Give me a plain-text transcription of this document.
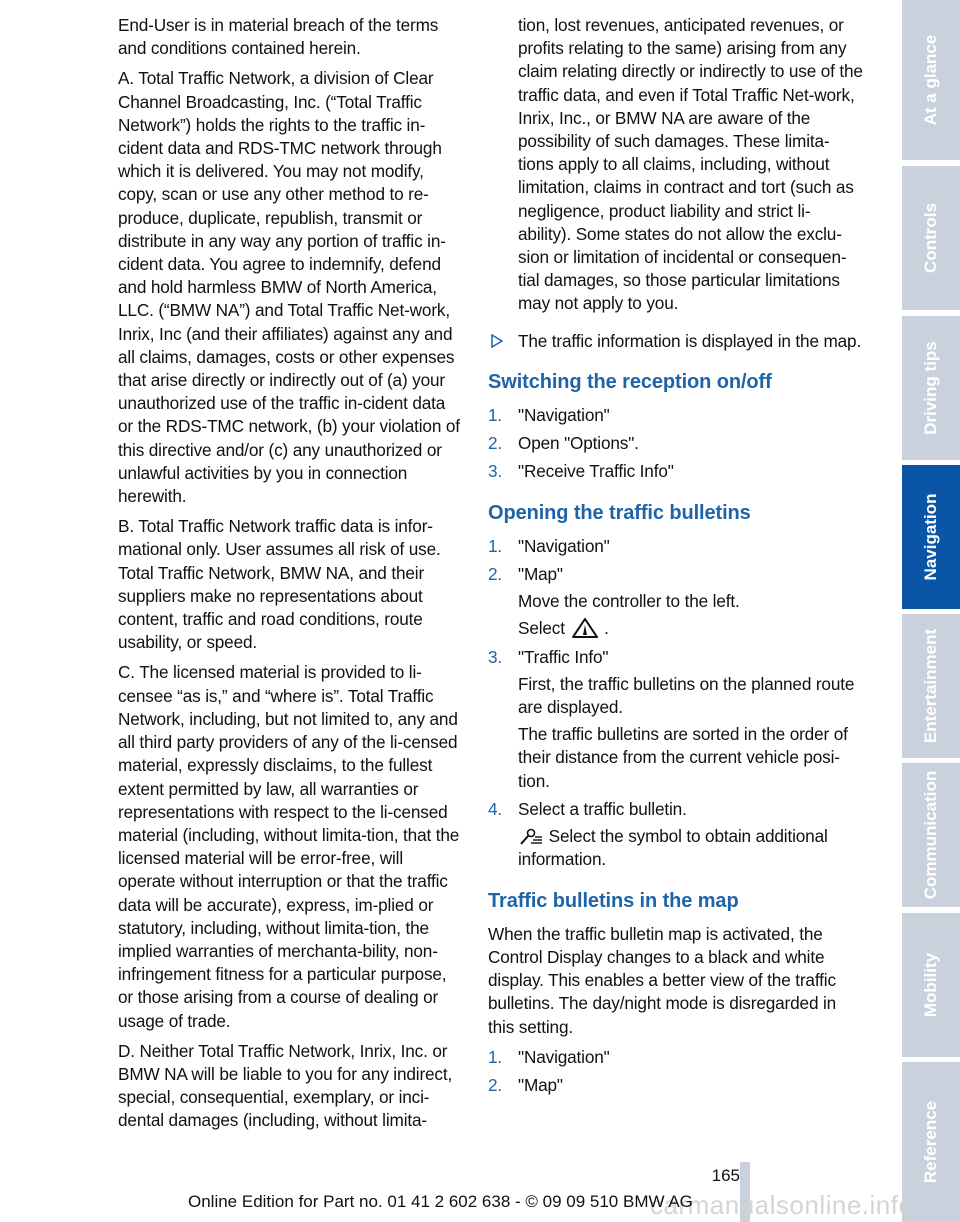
End-User is in material breach of the terms and conditions contained herein.

A. Total Traffic Network, a division of Clear Channel Broadcasting, Inc. (“Total Traffic Network”) holds the rights to the traffic in-cident data and RDS-TMC network through which it is delivered. You may not modify, copy, scan or use any other method to re-produce, duplicate, republish, transmit or distribute in any way any portion of traffic in-cident data. You agree to indemnify, defend and hold harmless BMW of North America, LLC. (“BMW NA”) and Total Traffic Net-work, Inrix, Inc (and their affiliates) against any and all claims, damages, costs or other expenses that arise directly or indirectly out of (a) your unauthorized use of the traffic in-cident data or the RDS-TMC network, (b) your violation of this directive and/or (c) any unauthorized or unlawful activities by you in connection herewith.

B. Total Traffic Network traffic data is infor-mational only. User assumes all risk of use. Total Traffic Network, BMW NA, and their suppliers make no representations about content, traffic and road conditions, route usability, or speed.

C. The licensed material is provided to li-censee “as is,” and “where is”. Total Traffic Network, including, but not limited to, any and all third party providers of any of the li-censed material, expressly disclaims, to the fullest extent permitted by law, all warranties or representations with respect to the li-censed material (including, without limita-tion, that the licensed material will be error-free, will operate without interruption or that the traffic data will be accurate), express, im-plied or statutory, including, without limita-tion, the implied warranties of merchanta-bility, non-infringement fitness for a particular purpose, or those arising from a course of dealing or usage of trade.

D. Neither Total Traffic Network, Inrix, Inc. or BMW NA will be liable to you for any indirect, special, consequential, exemplary, or inci-dental damages (including, without limita-

tion, lost revenues, anticipated revenues, or profits relating to the same) arising from any claim relating directly or indirectly to use of the traffic data, and even if Total Traffic Net-work, Inrix, Inc., or BMW NA are aware of the possibility of such damages. These limita-tions apply to all claims, including, without limitation, claims in contract and tort (such as negligence, product liability and strict li-ability). Some states do not allow the exclu-sion or limitation of incidental or consequen-tial damages, so those particular limitations may not apply to you.

The traffic information is displayed in the map.
Switching the reception on/off
1. "Navigation"
2. Open "Options".
3. "Receive Traffic Info"
Opening the traffic bulletins
1. "Navigation"
2. "Map"
Move the controller to the left.
Select .
3. "Traffic Info"
First, the traffic bulletins on the planned route are displayed.
The traffic bulletins are sorted in the order of their distance from the current vehicle posi-tion.
4. Select a traffic bulletin.
Select the symbol to obtain additional information.
Traffic bulletins in the map

When the traffic bulletin map is activated, the Control Display changes to a black and white display. This enables a better view of the traffic bulletins. The day/night mode is disregarded in this setting.

1. "Navigation"
2. "Map"
At a glance
Controls
Driving tips
Navigation
Entertainment
Communication
Mobility
Reference
165
carmanualsonline.info
Online Edition for Part no. 01 41 2 602 638 - © 09 09 510 BMW AG
